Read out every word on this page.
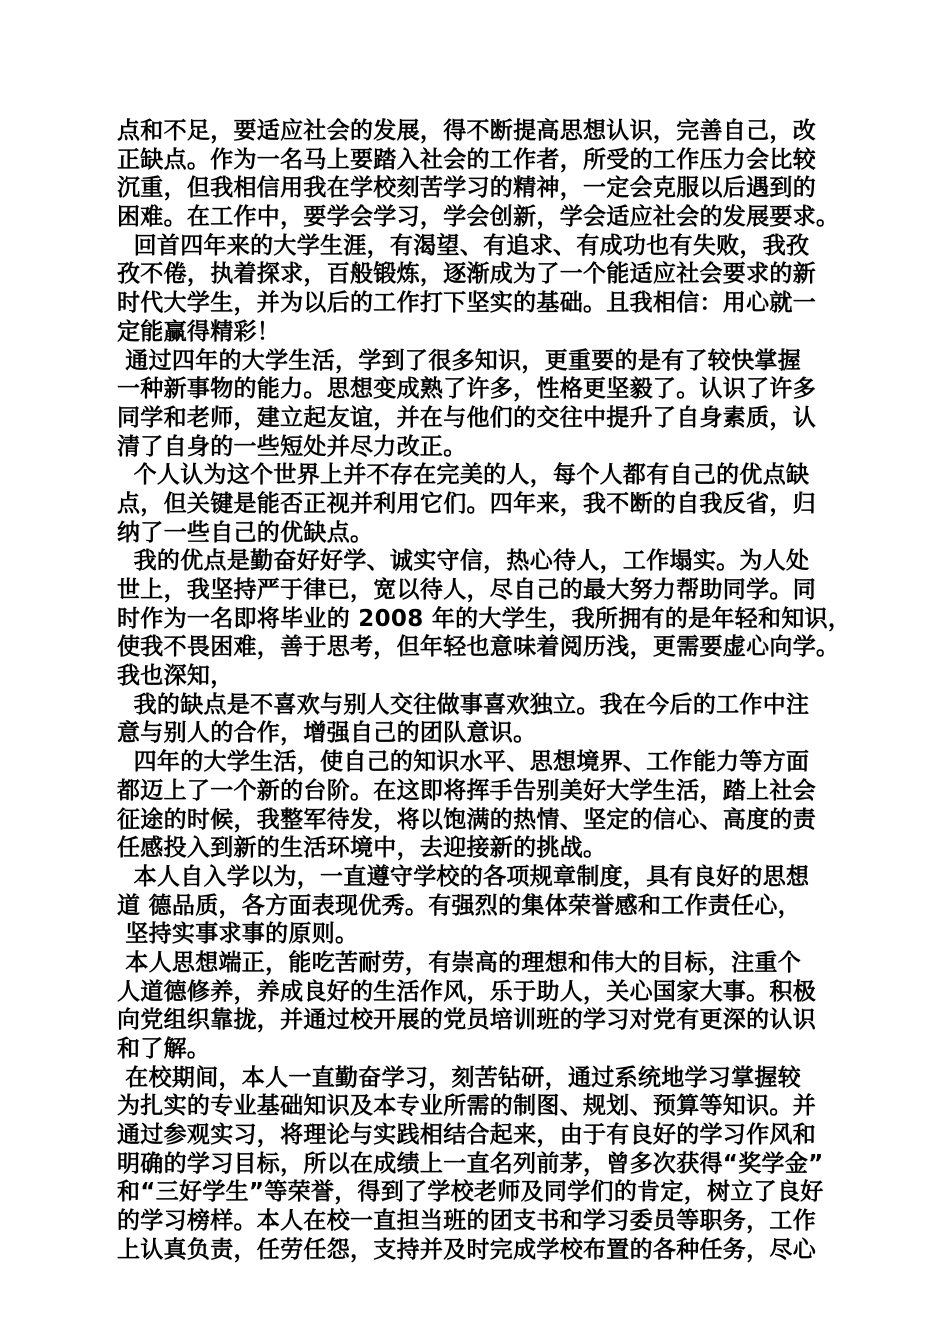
点和不足，要适应社会的发展，得不断提高思想认识，完善自己，改
正缺点。作为一名马上要踏入社会的工作者，所受的工作压力会比较
沉重，但我相信用我在学校刻苦学习的精神，一定会克服以后遇到的
困难。在工作中，要学会学习，学会创新，学会适应社会的发展要求。
回首四年来的大学生涯，有渴望、有追求、有成功也有失败，我孜
孜不倦，执着探求，百般锻炼，逐渐成为了一个能适应社会要求的新
时代大学生，并为以后的工作打下坚实的基础。且我相信：用心就一
定能赢得精彩！
通过四年的大学生活，学到了很多知识，更重要的是有了较快掌握
一种新事物的能力。思想变成熟了许多，性格更坚毅了。认识了许多
同学和老师，建立起友谊，并在与他们的交往中提升了自身素质，认
清了自身的一些短处并尽力改正。
个人认为这个世界上并不存在完美的人，每个人都有自己的优点缺
点，但关键是能否正视并利用它们。四年来，我不断的自我反省，归
纳了一些自己的优缺点。
我的优点是勤奋好好学、诚实守信，热心待人，工作塌实。为人处
世上，我坚持严于律已，宽以待人，尽自己的最大努力帮助同学。同
时作为一名即将毕业的 2008 年的大学生，我所拥有的是年轻和知识，
使我不畏困难，善于思考，但年轻也意味着阅历浅，更需要虚心向学。
我也深知，
我的缺点是不喜欢与别人交往做事喜欢独立。我在今后的工作中注
意与别人的合作，增强自己的团队意识。
四年的大学生活，使自己的知识水平、思想境界、工作能力等方面
都迈上了一个新的台阶。在这即将挥手告别美好大学生活，踏上社会
征途的时候，我整军待发，将以饱满的热情、坚定的信心、高度的责
任感投入到新的生活环境中，去迎接新的挑战。
本人自入学以为，一直遵守学校的各项规章制度，具有良好的思想
道 德品质，各方面表现优秀。有强烈的集体荣誉感和工作责任心，
坚持实事求事的原则。
本人思想端正，能吃苦耐劳，有崇高的理想和伟大的目标，注重个
人道德修养，养成良好的生活作风，乐于助人，关心国家大事。积极
向党组织靠拢，并通过校开展的党员培训班的学习对党有更深的认识
和了解。
在校期间，本人一直勤奋学习，刻苦钻研，通过系统地学习掌握较
为扎实的专业基础知识及本专业所需的制图、规划、预算等知识。并
通过参观实习，将理论与实践相结合起来，由于有良好的学习作风和
明确的学习目标，所以在成绩上一直名列前茅，曾多次获得“奖学金”
和“三好学生”等荣誉，得到了学校老师及同学们的肯定，树立了良好
的学习榜样。本人在校一直担当班的团支书和学习委员等职务，工作
上认真负责，任劳任怨，支持并及时完成学校布置的各种任务，尽心
